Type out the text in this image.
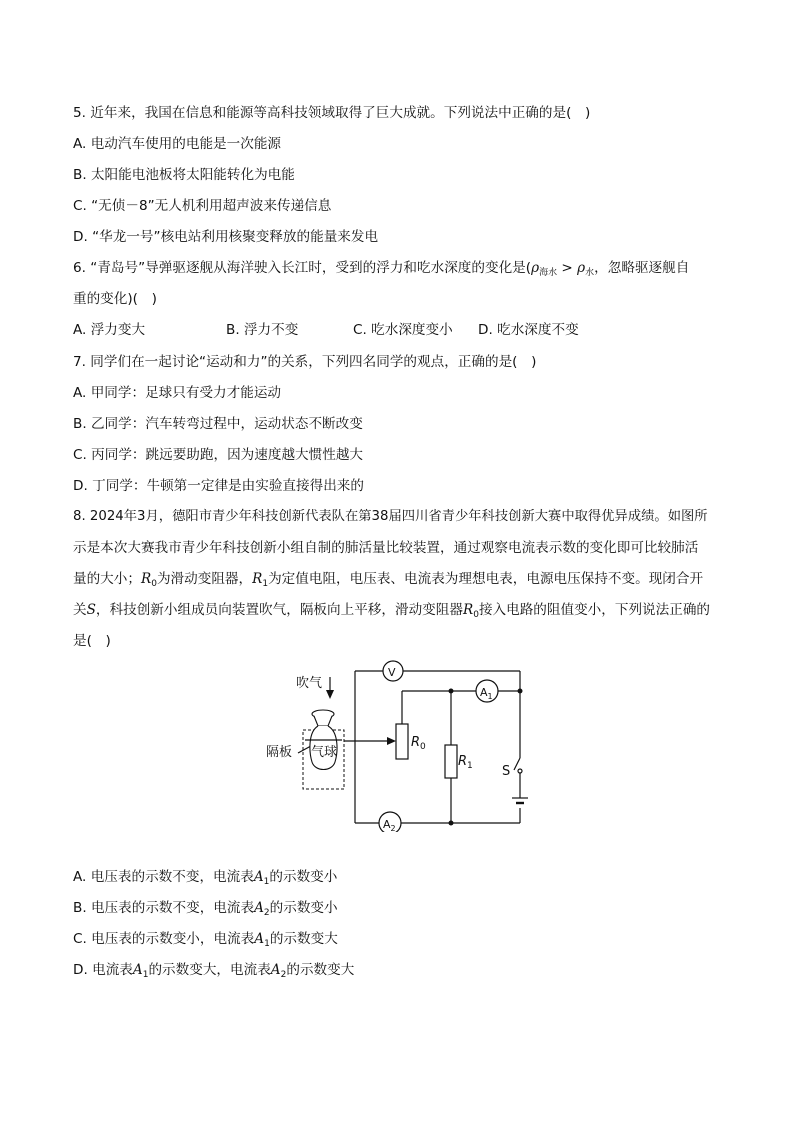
5. 近年来，我国在信息和能源等高科技领域取得了巨大成就。下列说法中正确的是(　)
A. 电动汽车使用的电能是一次能源
B. 太阳能电池板将太阳能转化为电能
C. “无侦－8”无人机利用超声波来传递信息
D. “华龙一号”核电站利用核聚变释放的能量来发电
6. “青岛号”导弹驱逐舰从海洋驶入长江时，受到的浮力和吃水深度的变化是($\rho_{海水} > \rho_水$，忽略驱逐舰自
重的变化)(　)
A. 浮力变大	B. 浮力不变	C. 吃水深度变小 D. 吃水深度不变
7. 同学们在一起讨论“运动和力”的关系，下列四名同学的观点，正确的是(　)
A. 甲同学：足球只有受力才能运动
B. 乙同学：汽车转弯过程中，运动状态不断改变
C. 丙同学：跳远要助跑，因为速度越大惯性越大
D. 丁同学：牛顿第一定律是由实验直接得出来的
8. 2024年3月，德阳市青少年科技创新代表队在第38届四川省青少年科技创新大赛中取得优异成绩。如图所
示是本次大赛我市青少年科技创新小组自制的肺活量比较装置，通过观察电流表示数的变化即可比较肺活
量的大小；$R_0$为滑动变阻器，$R_1$为定值电阻，电压表、电流表为理想电表，电源电压保持不变。现闭合开
关S，科技创新小组成员向装置吹气，隔板向上平移，滑动变阻器$R_0$接入电路的阻值变小，下列说法正确的
是(　)
吹气
隔板 气球
V
$A_1$
$A_2$
$R_0$
$R_1$ S
A. 电压表的示数不变，电流表$A_1$的示数变小
B. 电压表的示数不变，电流表$A_2$的示数变小
C. 电压表的示数变小，电流表$A_1$的示数变大
D. 电流表$A_1$的示数变大，电流表$A_2$的示数变大
